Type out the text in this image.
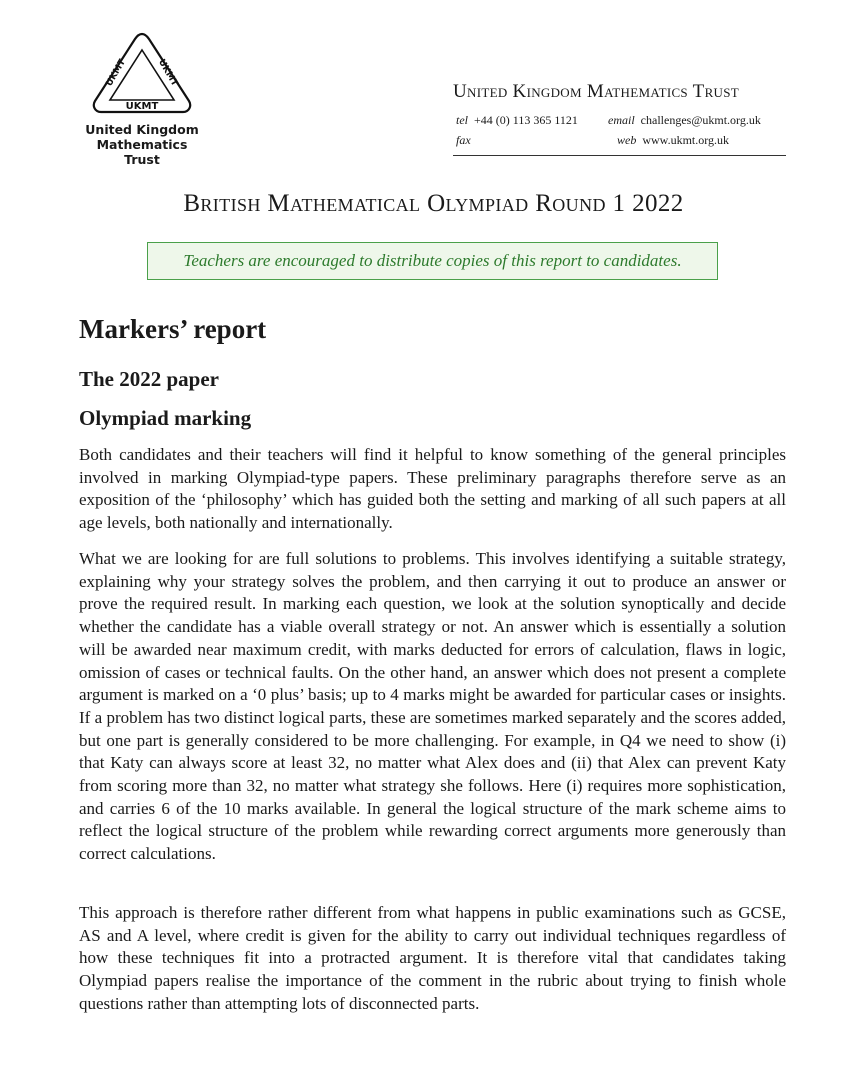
UKMT	UKMT
UKMT
United Kingdom
Mathematics Trust
United Kingdom Mathematics Trust
tel +44 (0) 113 365 1121	email challenges@ukmt.org.uk
fax	web www.ukmt.org.uk
British Mathematical Olympiad Round 1 2022
Teachers are encouraged to distribute copies of this report to candidates.
Markers’ report
The 2022 paper
Olympiad marking

Both candidates and their teachers will find it helpful to know something of the general principles involved in marking Olympiad-type papers. These preliminary paragraphs therefore serve as an exposition of the ‘philosophy’ which has guided both the setting and marking of all such papers at all age levels, both nationally and internationally.

What we are looking for are full solutions to problems. This involves identifying a suitable strategy, explaining why your strategy solves the problem, and then carrying it out to produce an answer or prove the required result. In marking each question, we look at the solution synoptically and decide whether the candidate has a viable overall strategy or not. An answer which is essentially a solution will be awarded near maximum credit, with marks deducted for errors of calculation, flaws in logic, omission of cases or technical faults. On the other hand, an answer which does not present a complete argument is marked on a ‘0 plus’ basis; up to 4 marks might be awarded for particular cases or insights. If a problem has two distinct logical parts, these are sometimes marked separately and the scores added, but one part is generally considered to be more challenging. For example, in Q4 we need to show (i) that Katy can always score at least 32, no matter what Alex does and (ii) that Alex can prevent Katy from scoring more than 32, no matter what strategy she follows. Here (i) requires more sophistication, and carries 6 of the 10 marks available. In general the logical structure of the mark scheme aims to reflect the logical structure of the problem while rewarding correct arguments more generously than correct calculations.

This approach is therefore rather different from what happens in public examinations such as GCSE, AS and A level, where credit is given for the ability to carry out individual techniques regardless of how these techniques fit into a protracted argument. It is therefore vital that candidates taking Olympiad papers realise the importance of the comment in the rubric about trying to finish whole questions rather than attempting lots of disconnected parts.
